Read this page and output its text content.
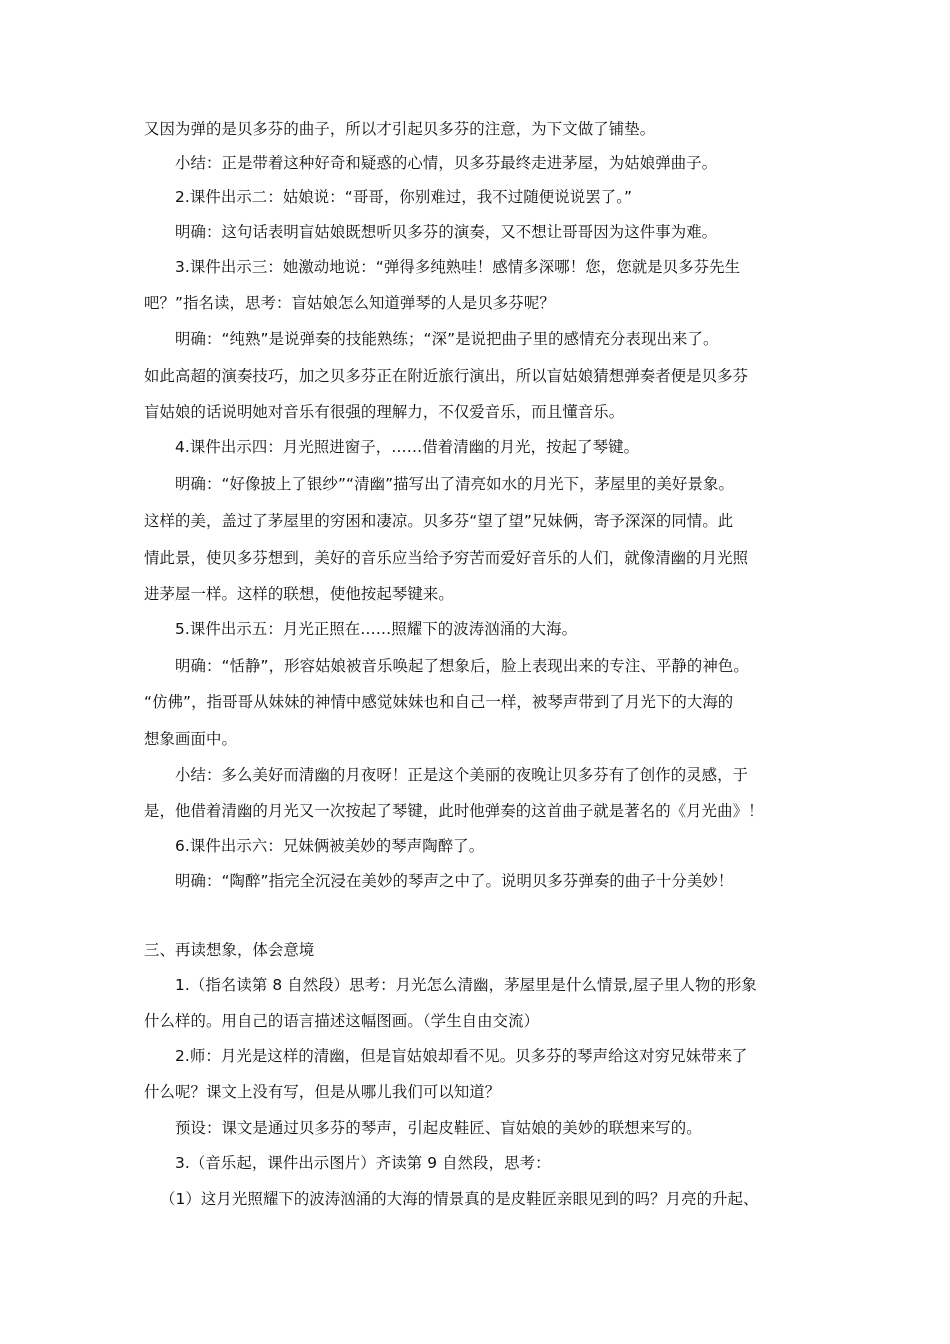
又因为弹的是贝多芬的曲子，所以才引起贝多芬的注意，为下文做了铺垫。
小结：正是带着这种好奇和疑惑的心情，贝多芬最终走进茅屋，为姑娘弹曲子。
2.课件出示二：姑娘说：“哥哥，你别难过，我不过随便说说罢了。”
明确：这句话表明盲姑娘既想听贝多芬的演奏，又不想让哥哥因为这件事为难。
3.课件出示三：她激动地说：“弹得多纯熟哇！感情多深哪！您，您就是贝多芬先生
吧？”指名读，思考：盲姑娘怎么知道弹琴的人是贝多芬呢？
明确：“纯熟”是说弹奏的技能熟练；“深”是说把曲子里的感情充分表现出来了。
如此高超的演奏技巧，加之贝多芬正在附近旅行演出，所以盲姑娘猜想弹奏者便是贝多芬
盲姑娘的话说明她对音乐有很强的理解力，不仅爱音乐，而且懂音乐。
4.课件出示四：月光照进窗子，……借着清幽的月光，按起了琴键。
明确：“好像披上了银纱”“清幽”描写出了清亮如水的月光下，茅屋里的美好景象。
这样的美，盖过了茅屋里的穷困和凄凉。贝多芬“望了望”兄妹俩，寄予深深的同情。此
情此景，使贝多芬想到，美好的音乐应当给予穷苦而爱好音乐的人们，就像清幽的月光照
进茅屋一样。这样的联想，使他按起琴键来。
5.课件出示五：月光正照在……照耀下的波涛汹涌的大海。
明确：“恬静”，形容姑娘被音乐唤起了想象后，脸上表现出来的专注、平静的神色。
“仿佛”，指哥哥从妹妹的神情中感觉妹妹也和自己一样，被琴声带到了月光下的大海的
想象画面中。
小结：多么美好而清幽的月夜呀！正是这个美丽的夜晚让贝多芬有了创作的灵感，于
是，他借着清幽的月光又一次按起了琴键，此时他弹奏的这首曲子就是著名的《月光曲》！
6.课件出示六：兄妹俩被美妙的琴声陶醉了。
明确：“陶醉”指完全沉浸在美妙的琴声之中了。说明贝多芬弹奏的曲子十分美妙！
三、再读想象，体会意境
1.（指名读第 8 自然段）思考：月光怎么清幽，茅屋里是什么情景,屋子里人物的形象
什么样的。用自己的语言描述这幅图画。（学生自由交流）
2.师：月光是这样的清幽，但是盲姑娘却看不见。贝多芬的琴声给这对穷兄妹带来了
什么呢？课文上没有写，但是从哪儿我们可以知道？
预设：课文是通过贝多芬的琴声，引起皮鞋匠、盲姑娘的美妙的联想来写的。
3.（音乐起，课件出示图片）齐读第 9 自然段，思考：
（1）这月光照耀下的波涛汹涌的大海的情景真的是皮鞋匠亲眼见到的吗？月亮的升起、
